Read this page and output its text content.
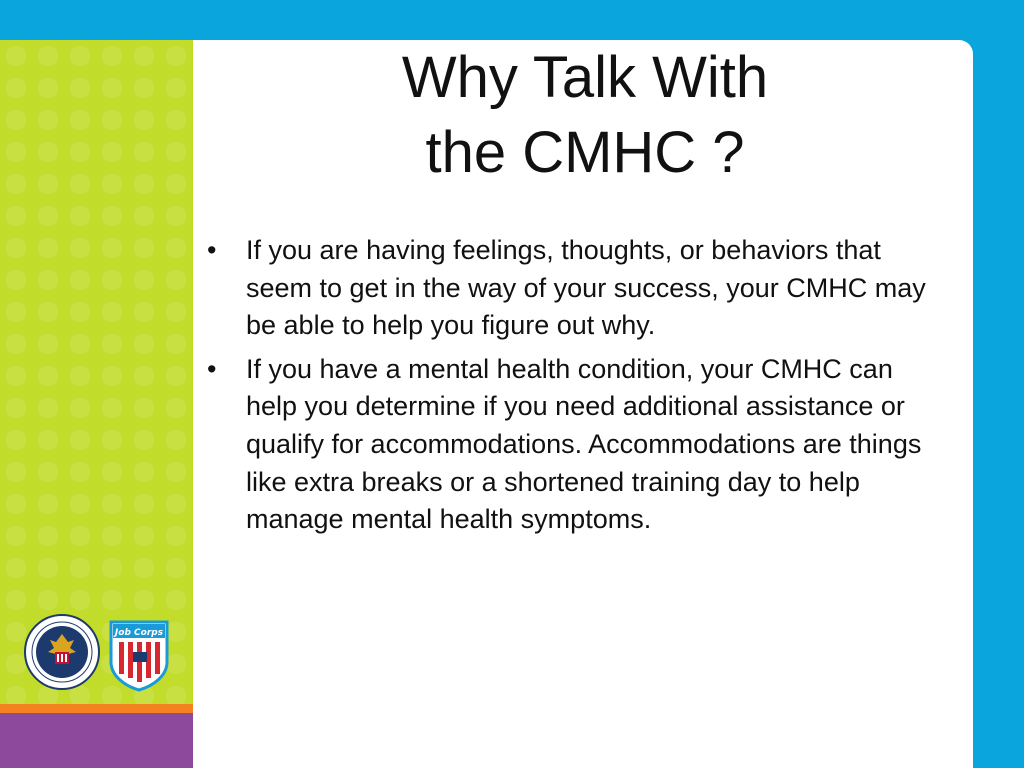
Why Talk With
the CMHC ?
• If you are having feelings, thoughts, or behaviors that seem to get in the way of your success, your CMHC may be able to help you figure out why.
• If you have a mental health condition, your CMHC can help you determine if you need additional assistance or qualify for accommodations. Accommodations are things like extra breaks or a shortened training day to help manage mental health symptoms.
Job Corps
